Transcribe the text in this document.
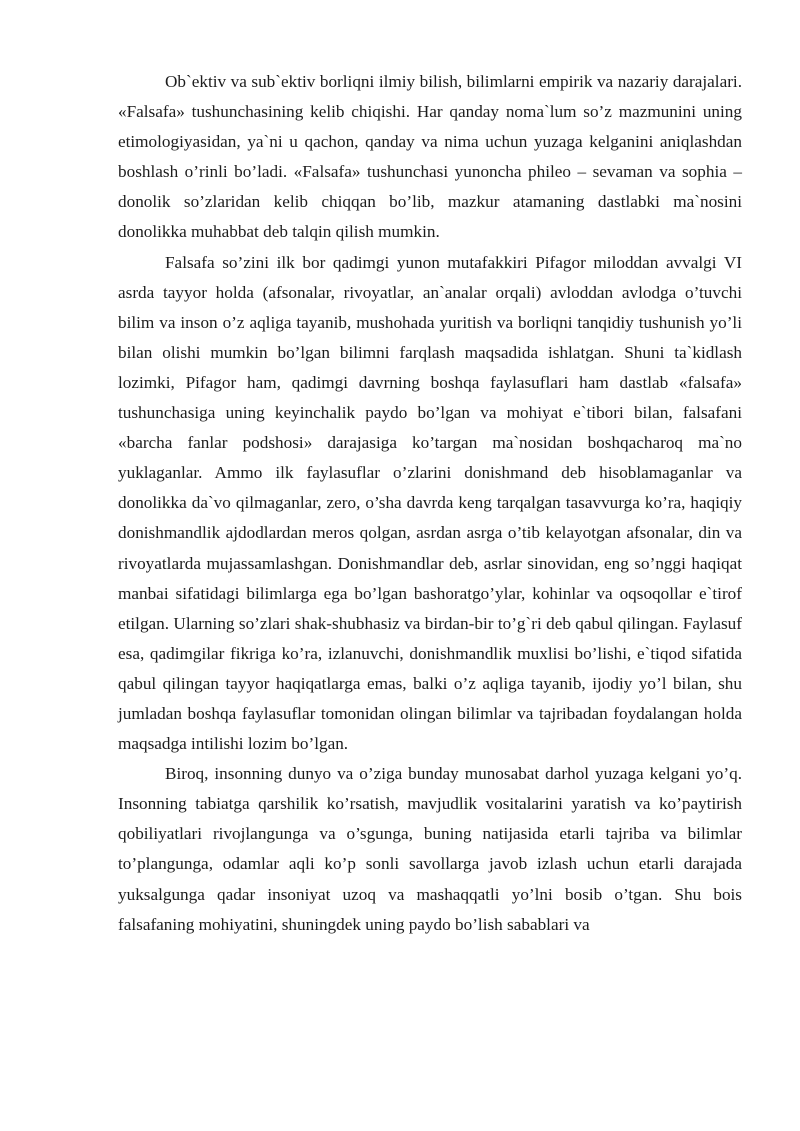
Ob`ektiv va sub`ektiv borliqni ilmiy bilish, bilimlarni empirik va nazariy darajalari. «Falsafa» tushunchasining kelib chiqishi. Har qanday noma`lum so’z mazmunini uning etimologiyasidan, ya`ni u qachon, qanday va nima uchun yuzaga kelganini aniqlashdan boshlash o’rinli bo’ladi. «Falsafa» tushunchasi yunoncha phileo – sevaman va sophia – donolik so’zlaridan kelib chiqqan bo’lib, mazkur atamaning dastlabki ma`nosini donolikka muhabbat deb talqin qilish mumkin.

Falsafa so’zini ilk bor qadimgi yunon mutafakkiri Pifagor miloddan avvalgi VI asrda tayyor holda (afsonalar, rivoyatlar, an`analar orqali) avloddan avlodga o’tuvchi bilim va inson o’z aqliga tayanib, mushohada yuritish va borliqni tanqidiy tushunish yo’li bilan olishi mumkin bo’lgan bilimni farqlash maqsadida ishlatgan. Shuni ta`kidlash lozimki, Pifagor ham, qadimgi davrning boshqa faylasuflari ham dastlab «falsafa» tushunchasiga uning keyinchalik paydo bo’lgan va mohiyat e`tibori bilan, falsafani «barcha fanlar podshosi» darajasiga ko’targan ma`nosidan boshqacharoq ma`no yuklaganlar. Ammo ilk faylasuflar o’zlarini donishmand deb hisoblamaganlar va donolikka da`vo qilmaganlar, zero, o’sha davrda keng tarqalgan tasavvurga ko’ra, haqiqiy donishmandlik ajdodlardan meros qolgan, asrdan asrga o’tib kelayotgan afsonalar, din va rivoyatlarda mujassamlashgan. Donishmandlar deb, asrlar sinovidan, eng so’nggi haqiqat manbai sifatidagi bilimlarga ega bo’lgan bashoratgo’ylar, kohinlar va oqsoqollar e`tirof etilgan. Ularning so’zlari shak-shubhasiz va birdan-bir to’g`ri deb qabul qilingan. Faylasuf esa, qadimgilar fikriga ko’ra, izlanuvchi, donishmandlik muxlisi bo’lishi, e`tiqod sifatida qabul qilingan tayyor haqiqatlarga emas, balki o’z aqliga tayanib, ijodiy yo’l bilan, shu jumladan boshqa faylasuflar tomonidan olingan bilimlar va tajribadan foydalangan holda maqsadga intilishi lozim bo’lgan.

Biroq, insonning dunyo va o’ziga bunday munosabat darhol yuzaga kelgani yo’q. Insonning tabiatga qarshilik ko’rsatish, mavjudlik vositalarini yaratish va ko’paytirish qobiliyatlari rivojlangunga va o’sgunga, buning natijasida etarli tajriba va bilimlar to’plangunga, odamlar aqli ko’p sonli savollarga javob izlash uchun etarli darajada yuksalgunga qadar insoniyat uzoq va mashaqqatli yo’lni bosib o’tgan. Shu bois falsafaning mohiyatini, shuningdek uning paydo bo’lish sabablari va
